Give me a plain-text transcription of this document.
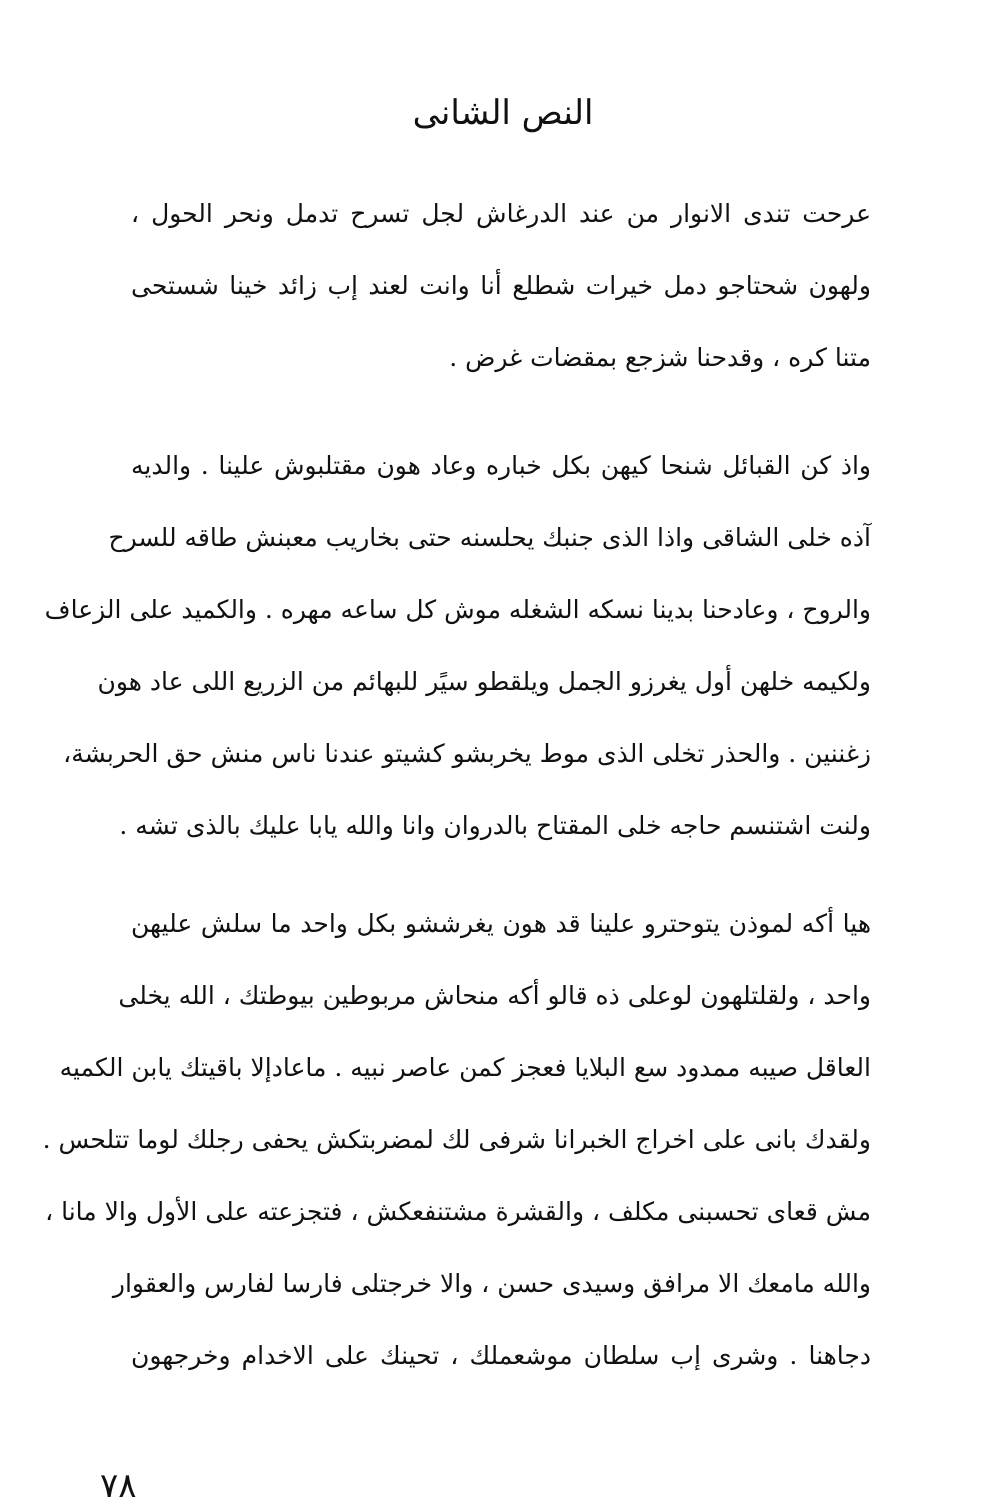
النص الشانى
عرحت تندى الانوار من عند الدرغاش لجل تسرح تدمل ونحر الحول ،
ولهون شحتاجو دمل خيرات شطلع أنا وانت لعند إب زائد خينا شستحى
متنا كره ، وقدحنا شزجع بمقضات غرض .
واذ كن القبائل شنحا كيهن بكل خباره وعاد هون مقتلبوش علينا . والديه
آذه خلى الشاقى واذا الذى جنبك يحلسنه حتى بخاريب معبنش طاقه للسرح
والروح ، وعادحنا بدينا نسكه الشغله موش كل ساعه مهره . والكميد على الزعاف
ولكيمه خلهن أول يغرزو الجمل ويلقطو سيًر للبهائم من الزريع اللى عاد هون
زغننين . والحذر تخلى الذى موط يخربشو كشيتو عندنا ناس منش حق الحربشة،
ولنت اشتنسم حاجه خلى المقتاح بالدروان وانا والله يابا عليك بالذى تشه .
هيا أكه لموذن يتوحترو علينا قد هون يغرششو بكل واحد ما سلش عليهن
واحد ، ولقلتلهون لوعلى ذه قالو أكه منحاش مربوطين بيوطتك ، الله يخلى
العاقل صيبه ممدود سع البلايا فعجز كمن عاصر نبيه . ماعادإلا باقيتك يابن الكميه
ولقدك بانى على اخراج الخبرانا شرفى لك لمضربتكش يحفى رجلك لوما تتلحس .
مش قعاى تحسبنى مكلف ، والقشرة مشتنفعكش ، فتجزعته على الأول والا مانا ،
والله مامعك الا مرافق وسيدى حسن ، والا خرجتلى فارسا لفارس والعقوار
دجاهنا . وشرى إب سلطان موشعملك ، تحينك على الاخدام وخرجهون
٧٨
